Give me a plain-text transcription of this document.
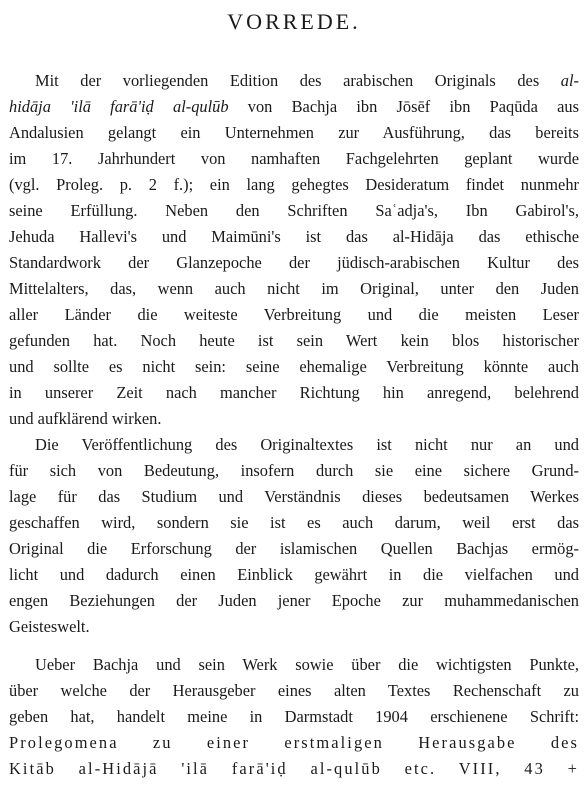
VORREDE.
Mit der vorliegenden Edition des arabischen Originals des al-
hidāja 'ilā farā'iḍ al-qulūb von Bachja ibn Jōsēf ibn Paqūda aus
Andalusien gelangt ein Unternehmen zur Ausführung, das bereits
im 17. Jahrhundert von namhaften Fachgelehrten geplant wurde
(vgl. Proleg. p. 2 f.); ein lang gehegtes Desideratum findet nunmehr
seine Erfüllung. Neben den Schriften Saʿadja's, Ibn Gabirol's,
Jehuda Hallevi's und Maimūni's ist das al-Hidāja das ethische
Standardwork der Glanzepoche der jüdisch-arabischen Kultur des
Mittelalters, das, wenn auch nicht im Original, unter den Juden
aller Länder die weiteste Verbreitung und die meisten Leser
gefunden hat. Noch heute ist sein Wert kein blos historischer
und sollte es nicht sein: seine ehemalige Verbreitung könnte auch
in unserer Zeit nach mancher Richtung hin anregend, belehrend
und aufklärend wirken.
Die Veröffentlichung des Originaltextes ist nicht nur an und
für sich von Bedeutung, insofern durch sie eine sichere Grund-
lage für das Studium und Verständnis dieses bedeutsamen Werkes
geschaffen wird, sondern sie ist es auch darum, weil erst das
Original die Erforschung der islamischen Quellen Bachjas ermög-
licht und dadurch einen Einblick gewährt in die vielfachen und
engen Beziehungen der Juden jener Epoche zur muhammedanischen
Geisteswelt.
Ueber Bachja und sein Werk sowie über die wichtigsten Punkte,
über welche der Herausgeber eines alten Textes Rechenschaft zu
geben hat, handelt meine in Darmstadt 1904 erschienene Schrift:
Prolegomena zu einer erstmaligen Herausgabe des
Kitāb al-Hidājā 'ilā farā'iḍ al-qulūb etc. VIII, 43 +
